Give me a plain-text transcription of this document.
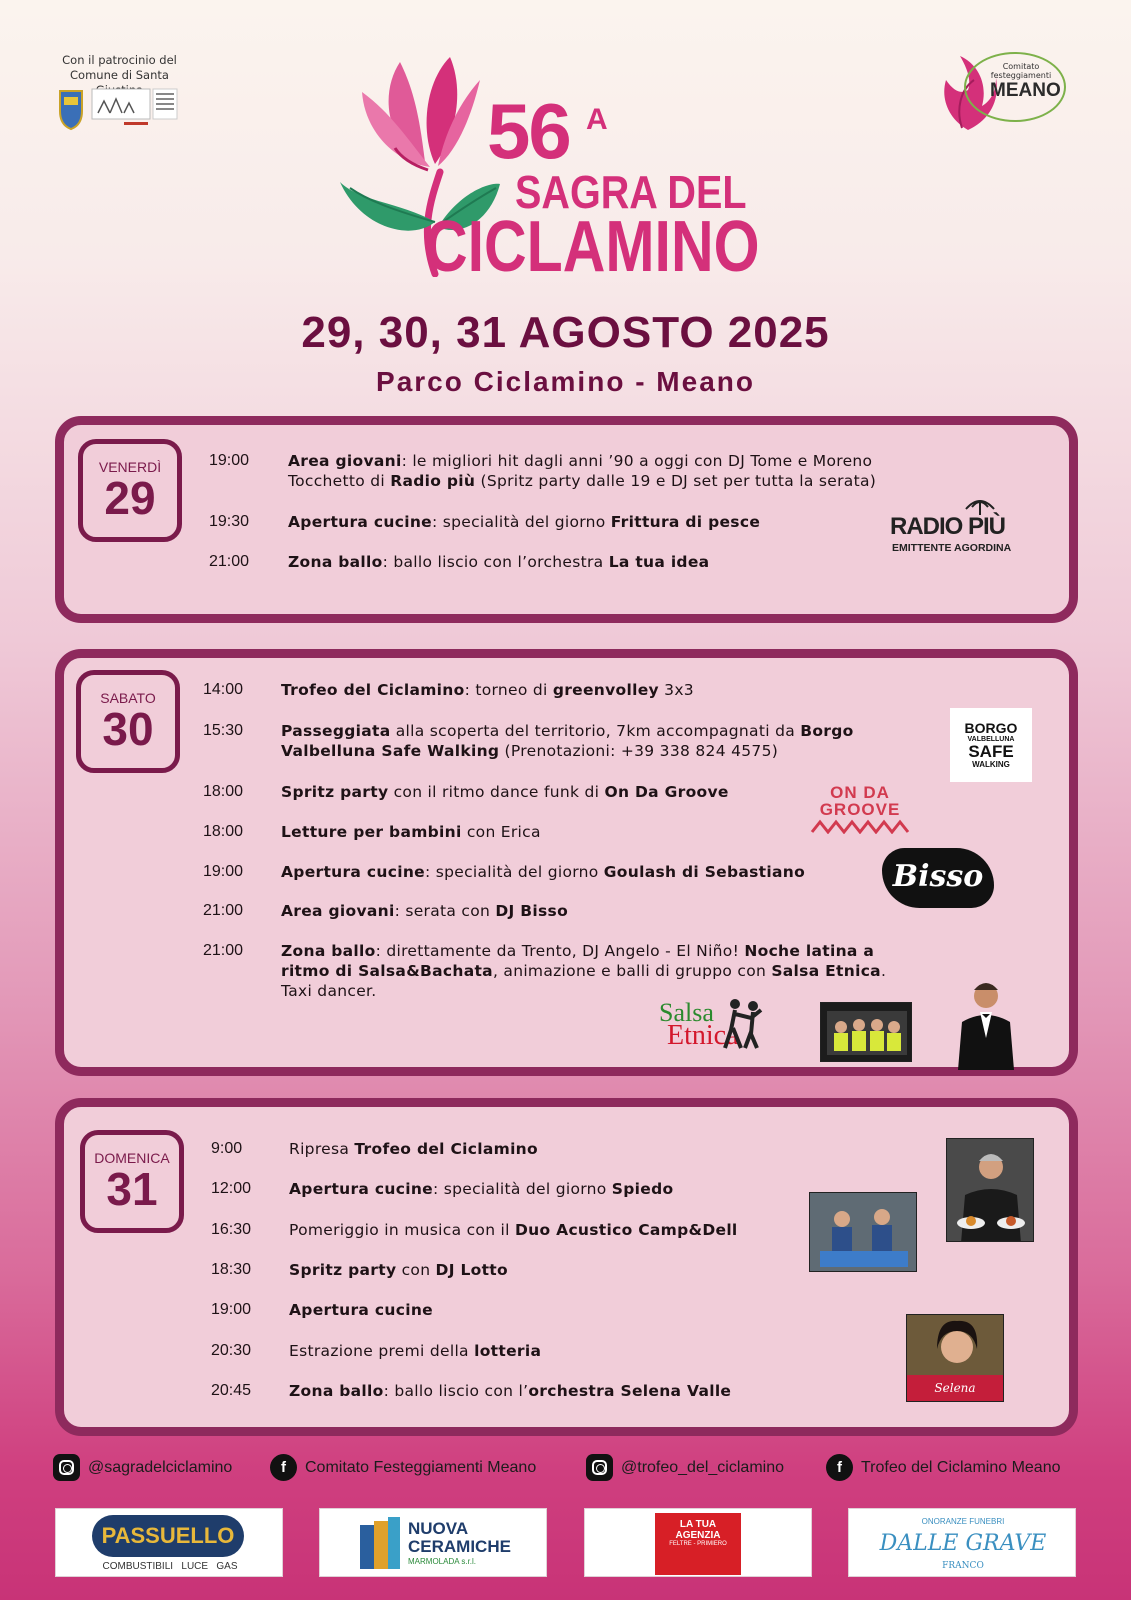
Con il patrocinio del
Comune di Santa
Comitato festeggiamenti
MEANO
56 A
SAGRA DEL
CICLAMINO
29, 30, 31 AGOSTO 2025
Parco Ciclamino - Meano
VENERDÌ
29
19:00	Area giovani: le migliori hit dagli anni ’90 a oggi con DJ Tome e Moreno
Tocchetto di Radio più (Spritz party dalle 19 e DJ set per tutta la serata)
19:30	Apertura cucine: specialità del giorno Frittura di pesce
21:00	Zona ballo: ballo liscio con l’orchestra La tua idea
RADIO PIÙ
EMITTENTE AGORDINA
SABATO
30
14:00 Trofeo del Ciclamino: torneo di greenvolley 3x3
15:30 Passeggiata alla scoperta del territorio, 7km accompagnati da Borgo
Valbelluna Safe Walking (Prenotazioni: +39 338 824 4575)
18:00 Spritz party con il ritmo dance funk di On Da Groove
18:00 Letture per bambini con Erica
19:00 Apertura cucine: specialità del giorno Goulash di Sebastiano
21:00 Area giovani: serata con DJ Bisso
21:00 Zona ballo: direttamente da Trento, DJ Angelo - El Niño! Noche latina a
ritmo di Salsa&Bachata, animazione e balli di gruppo con Salsa Etnica.
Taxi dancer.
BORGO
VALBELLUNA
SAFE
WALKING
ON DA
GROOVE
Bisso
Salsa
Etnica
DOMENICA
31
9:00	Ripresa Trofeo del Ciclamino
12:00 Apertura cucine: specialità del giorno Spiedo
16:30 Pomeriggio in musica con il Duo Acustico Camp&Dell
18:30 Spritz party con DJ Lotto
19:00 Apertura cucine
20:30 Estrazione premi della lotteria
20:45 Zona ballo: ballo liscio con l’orchestra Selena Valle	Selena
@sagradelciclamino	f	Comitato Festeggiamenti Meano	@trofeo_del_ciclamino	f	Trofeo del Ciclamino Meano
PASSUELLO
COMBUSTIBILI   LUCE   GAS
NUOVA
CERAMICHE
MARMOLADA s.r.l.
LA TUA
AGENZIA
FELTRE - PRIMIERO
ONORANZE FUNEBRI
DALLE GRAVE
FRANCO
